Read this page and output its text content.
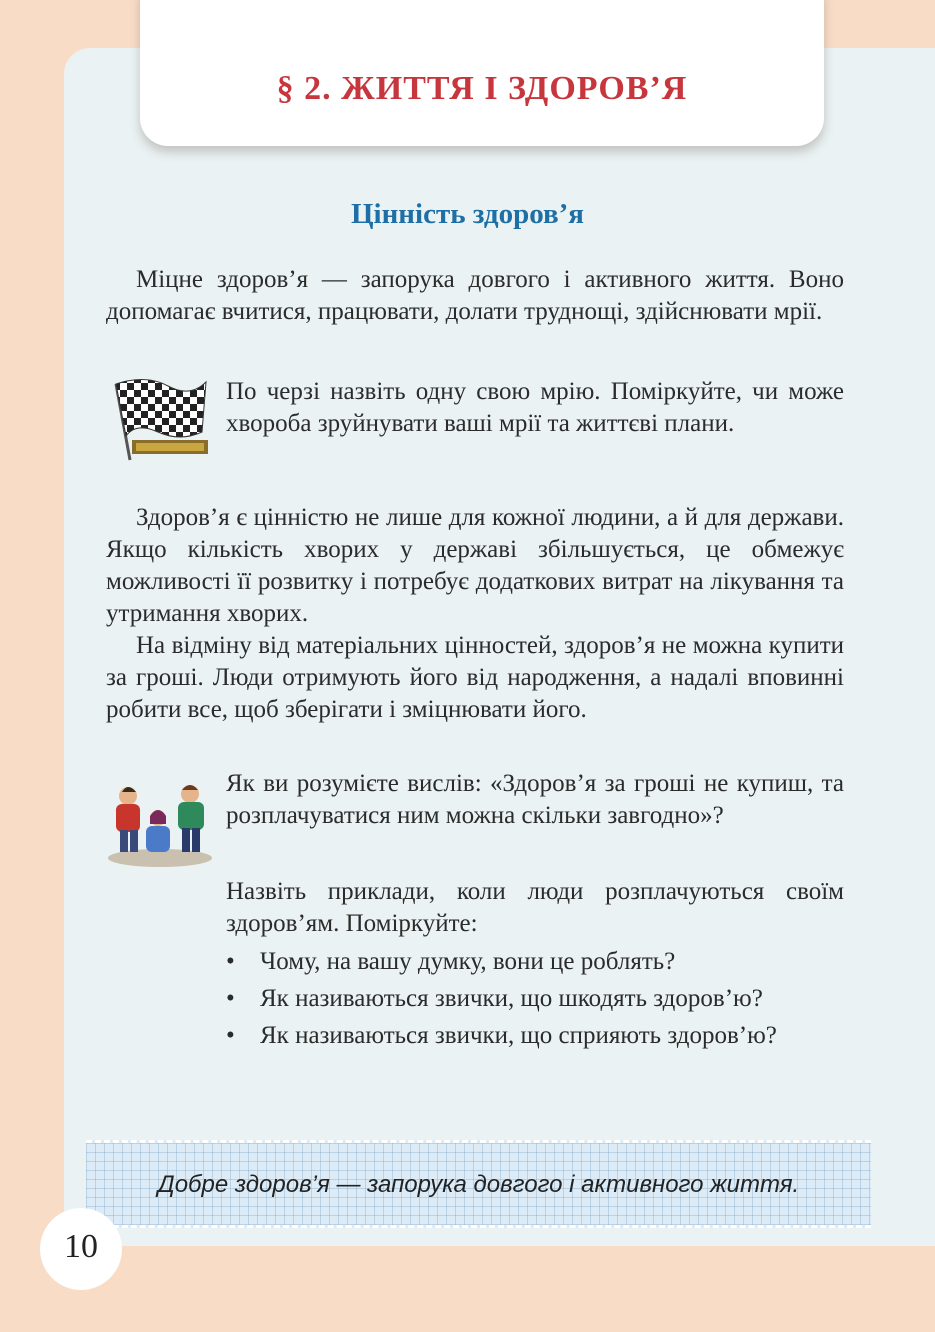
§ 2. ЖИТТЯ І ЗДОРОВ’Я
Цінність здоров’я

Міцне здоров’я — запорука довгого і активного життя. Воно допомагає вчитися, працювати, долати труднощі, здійснювати мрії.

По черзі назвіть одну свою мрію. Поміркуйте, чи може хвороба зруйнувати ваші мрії та життєві плани.

Здоров’я є цінністю не лише для кожної людини, а й для держави. Якщо кількість хворих у державі збільшується, це обмежує можливості її розвитку і потребує додаткових витрат на лікування та утримання хворих.

На відміну від матеріальних цінностей, здоров’я не можна купити за гроші. Люди отримують його від народження, а надалі вповинні робити все, щоб зберігати і зміцнювати його.

Як ви розумієте вислів: «Здоров’я за гроші не купиш, та розплачуватися ним можна скільки завгодно»?

Назвіть приклади, коли люди розплачуються своїм здоров’ям. Поміркуйте:

• Чому, на вашу думку, вони це роблять?
• Як називаються звички, що шкодять здоров’ю?
• Як називаються звички, що сприяють здоров’ю?
Добре здоров’я — запорука довгого і активного життя.
10
